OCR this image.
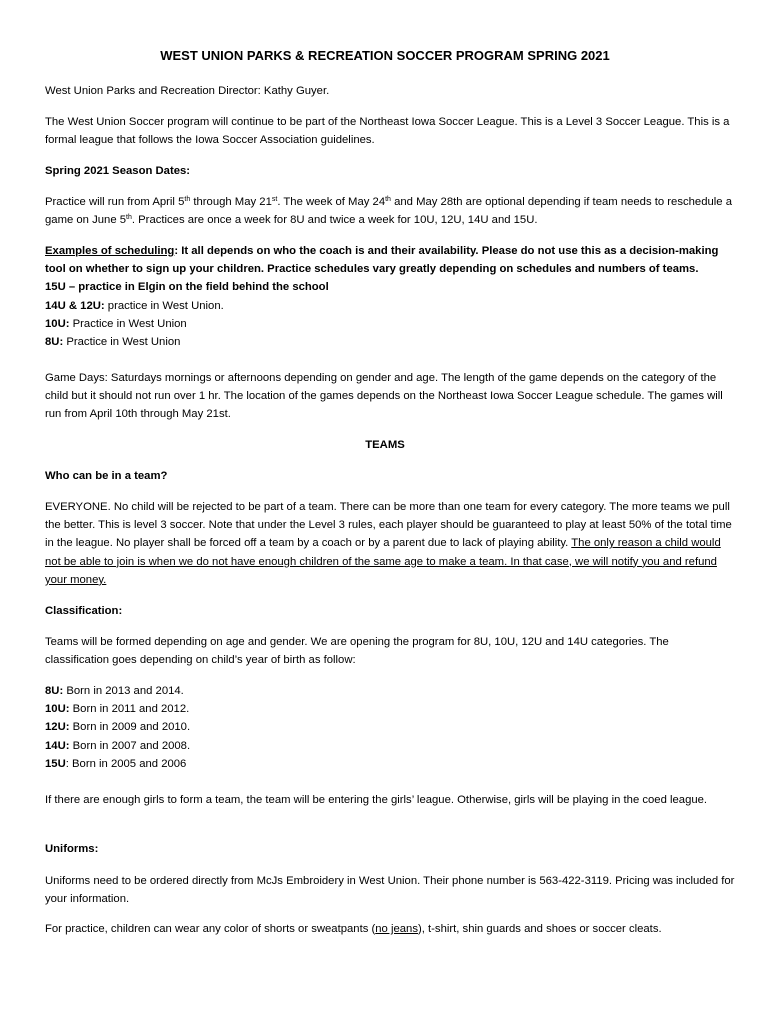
WEST UNION PARKS & RECREATION SOCCER PROGRAM SPRING 2021

West Union Parks and Recreation Director: Kathy Guyer.

The West Union Soccer program will continue to be part of the Northeast Iowa Soccer League. This is a Level 3 Soccer League. This is a formal league that follows the Iowa Soccer Association guidelines.

Spring 2021 Season Dates:

Practice will run from April 5th through May 21st. The week of May 24th and May 28th are optional depending if team needs to reschedule a game on June 5th. Practices are once a week for 8U and twice a week for 10U, 12U, 14U and 15U.

Examples of scheduling: It all depends on who the coach is and their availability. Please do not use this as a decision-making tool on whether to sign up your children. Practice schedules vary greatly depending on schedules and numbers of teams.

15U – practice in Elgin on the field behind the school

14U & 12U: practice in West Union.

10U: Practice in West Union

8U: Practice in West Union

Game Days: Saturdays mornings or afternoons depending on gender and age. The length of the game depends on the category of the child but it should not run over 1 hr. The location of the games depends on the Northeast Iowa Soccer League schedule. The games will run from April 10th through May 21st.

TEAMS

Who can be in a team?

EVERYONE. No child will be rejected to be part of a team. There can be more than one team for every category. The more teams we pull the better. This is level 3 soccer. Note that under the Level 3 rules, each player should be guaranteed to play at least 50% of the total time in the league. No player shall be forced off a team by a coach or by a parent due to lack of playing ability. The only reason a child would not be able to join is when we do not have enough children of the same age to make a team. In that case, we will notify you and refund your money.

Classification:

Teams will be formed depending on age and gender. We are opening the program for 8U, 10U, 12U and 14U categories. The classification goes depending on child’s year of birth as follow:

8U: Born in 2013 and 2014.

10U: Born in 2011 and 2012.

12U: Born in 2009 and 2010.

14U: Born in 2007 and 2008.

15U: Born in 2005 and 2006

If there are enough girls to form a team, the team will be entering the girls’ league. Otherwise, girls will be playing in the coed league.

Uniforms:

Uniforms need to be ordered directly from McJs Embroidery in West Union. Their phone number is 563-422-3119. Pricing was included for your information.

For practice, children can wear any color of shorts or sweatpants (no jeans), t-shirt, shin guards and shoes or soccer cleats.
